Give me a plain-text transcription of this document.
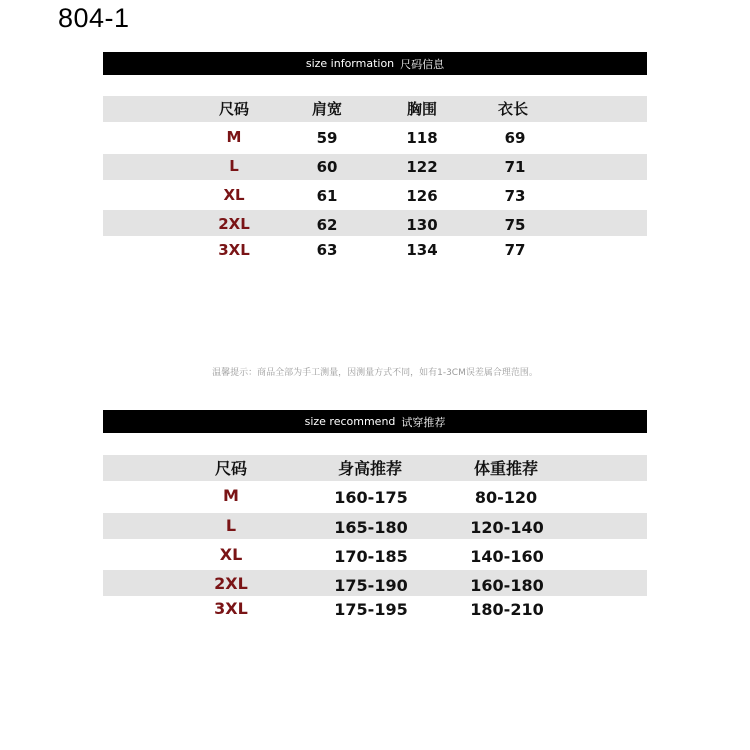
804-1
size information 尺码信息
尺码	肩宽	胸围	衣长
M	59	118	69
L	60	122	71
XL	61	126	73
2XL	62	130	75
3XL	63	134	77
温馨提示：商品全部为手工测量，因测量方式不同，如有1-3CM误差属合理范围。
size recommend 试穿推荐
尺码	身高推荐	体重推荐
M	160-175	80-120
L	165-180	120-140
XL	170-185	140-160
2XL	175-190	160-180
3XL	175-195	180-210
